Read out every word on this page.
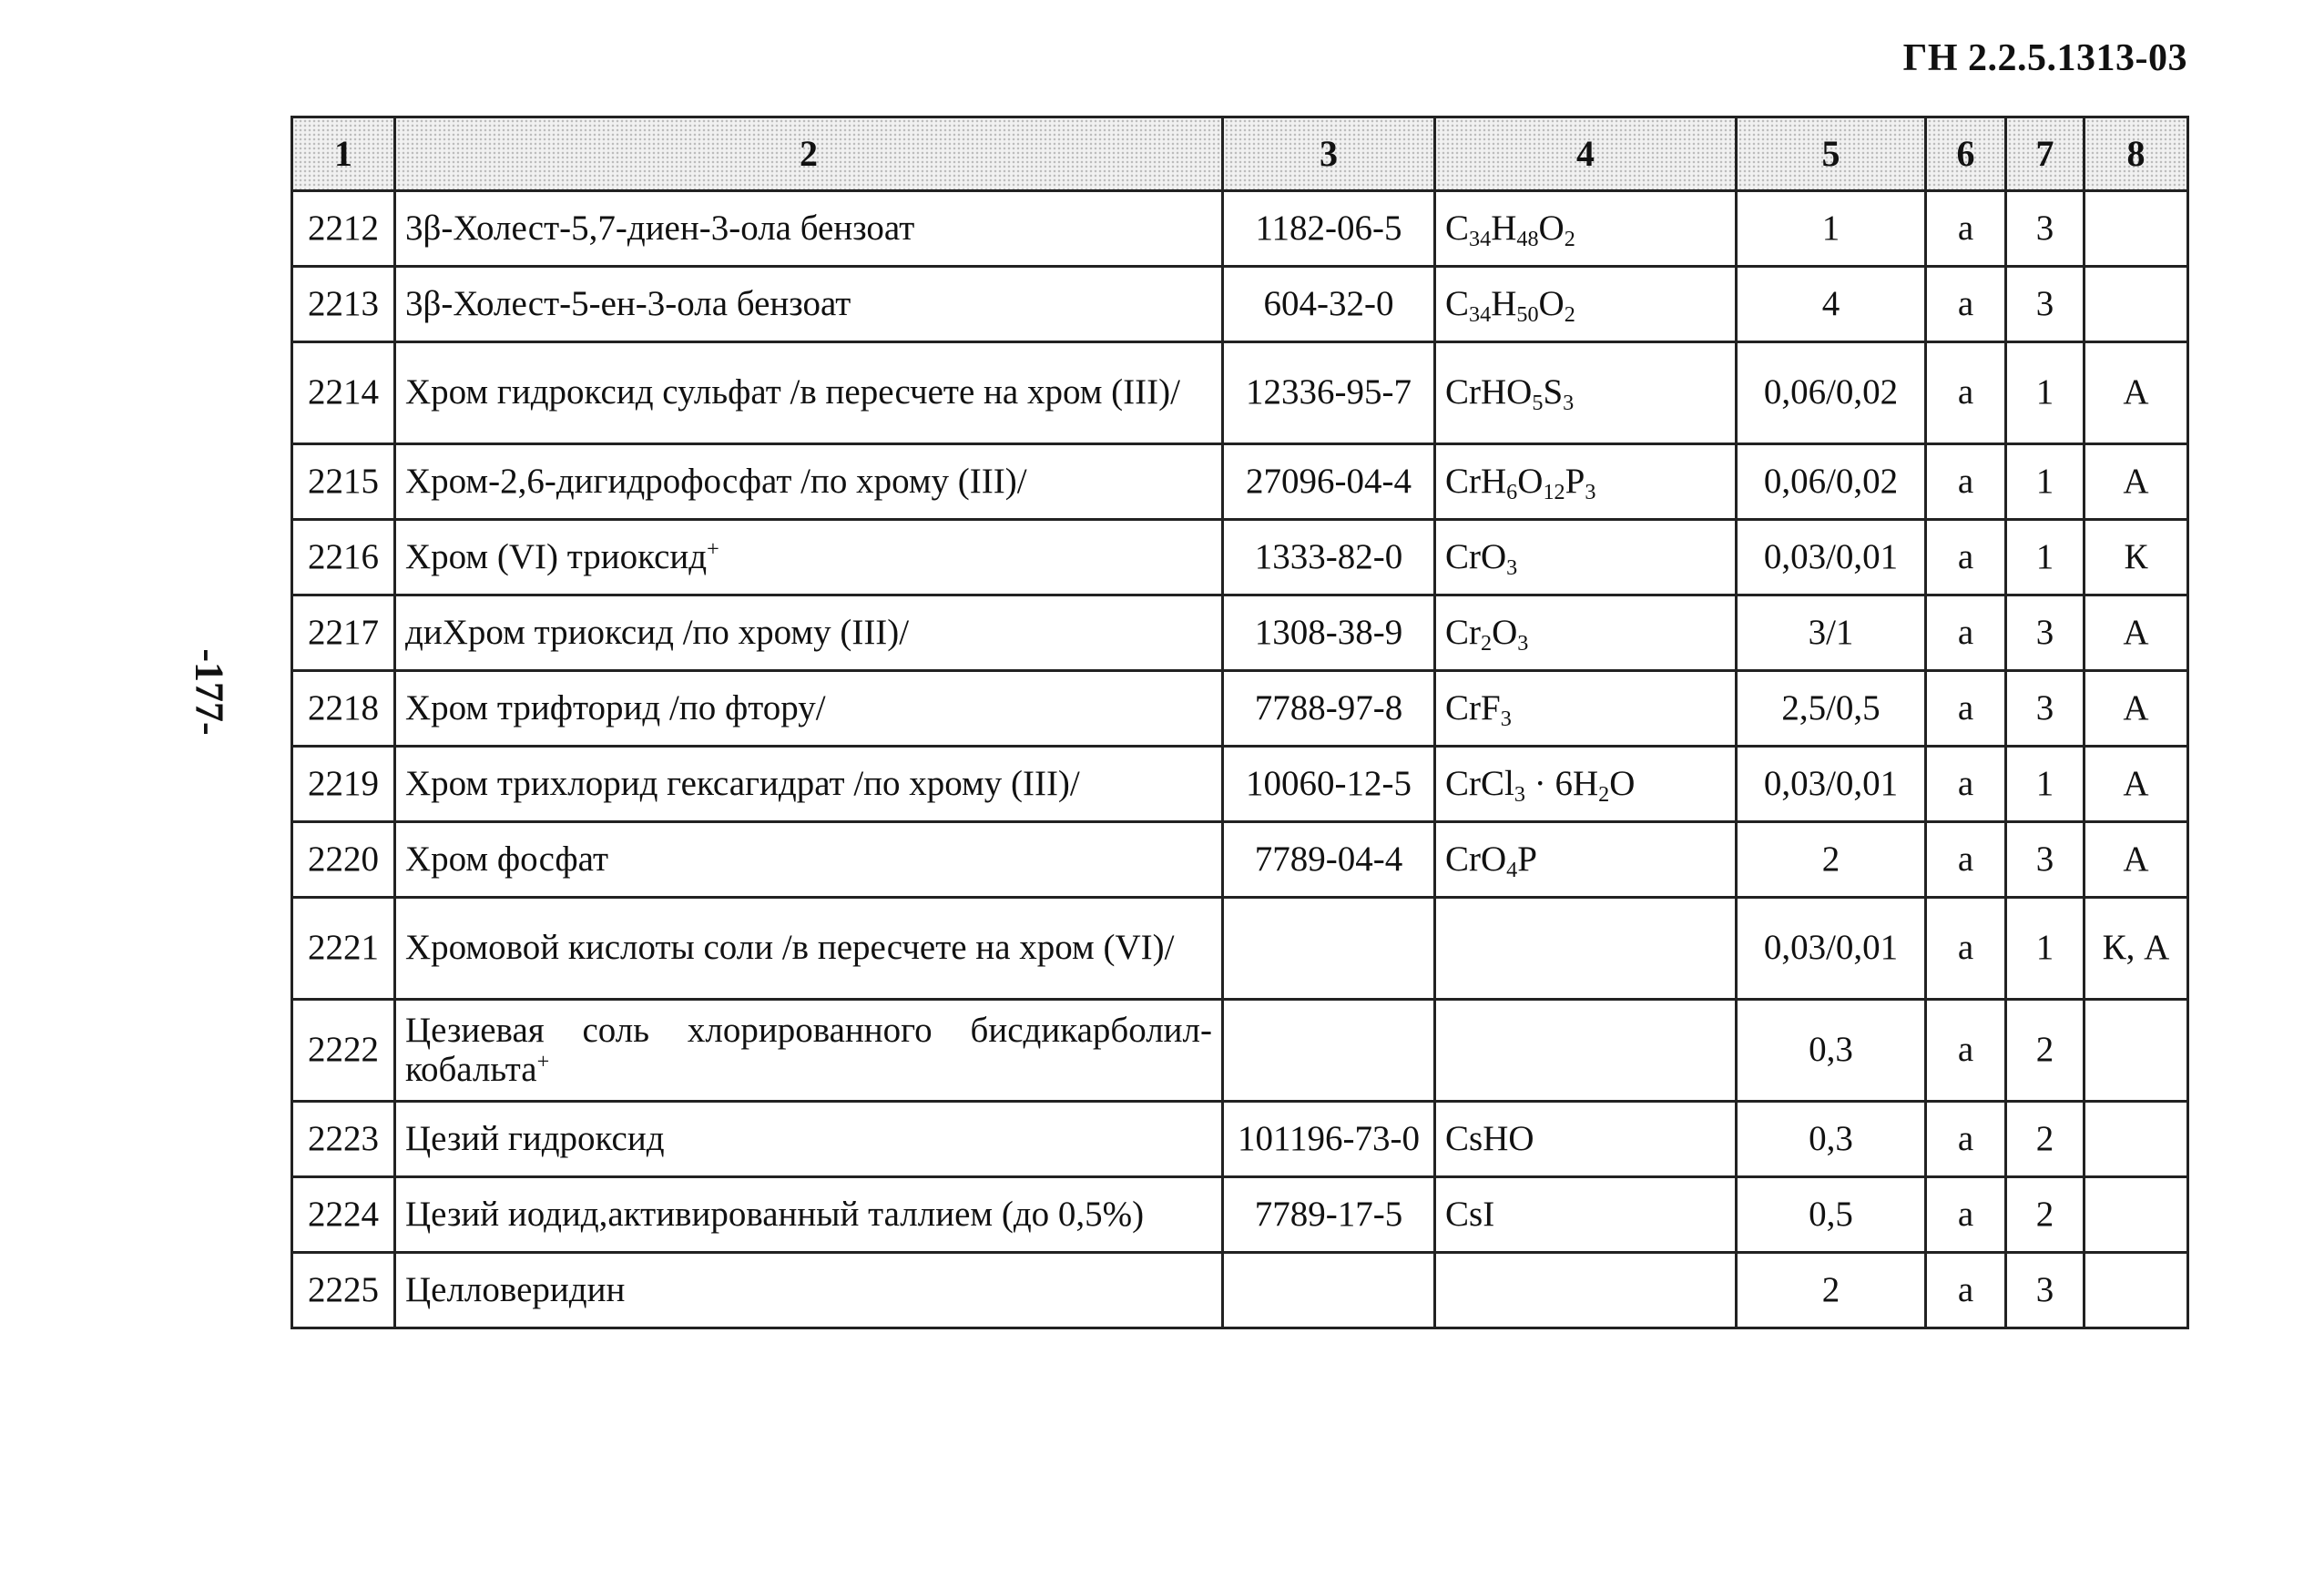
ГН 2.2.5.1313-03
-177-
1	2	3	4	5	6	7	8
2212	3β-Холест-5,7-диен-3-ола бензоат	1182-06-5	$C_{34}H_{48}O_2$	1	а	3	
2213	3β-Холест-5-ен-3-ола бензоат	604-32-0	$C_{34}H_{50}O_2$	4	а	3	
2214	Хром гидроксид сульфат /в пересчете на хром (III)/	12336-95-7	$CrHO_5S_3$	0,06/0,02	а	1	А
2215	Хром-2,6-дигидрофосфат /по хрому (III)/	27096-04-4	$CrH_6O_{12}P_3$	0,06/0,02	а	1	А
2216	Хром (VI) триоксид+	1333-82-0	CrO$_3$	0,03/0,01	а	1	К
2217	диХром триоксид /по хрому (III)/	1308-38-9	$Cr_2O_3$	3/1	а	3	А
2218	Хром трифторид /по фтору/	7788-97-8	CrF$_3$	2,5/0,5	а	3	А
2219	Хром трихлорид гексагидрат /по хрому (III)/	10060-12-5	CrCl$_3$ · $6H_2O$	0,03/0,01	а	1	А
2220	Хром фосфат	7789-04-4	CrO$_4$P	2	а	3	А
2221	Хромовой кислоты соли /в пересчете на хром (VI)/			0,03/0,01	а	1	К, А
2222	Цезиевая соль хлорированного бисдикарболил-кобальта+			0,3	а	2	
2223	Цезий гидроксид	101196-73-0	CsHO	0,3	а	2	
2224	Цезий иодид,активированный таллием (до 0,5%)	7789-17-5	CsI	0,5	а	2	
2225	Целловеридин			2	а	3	
